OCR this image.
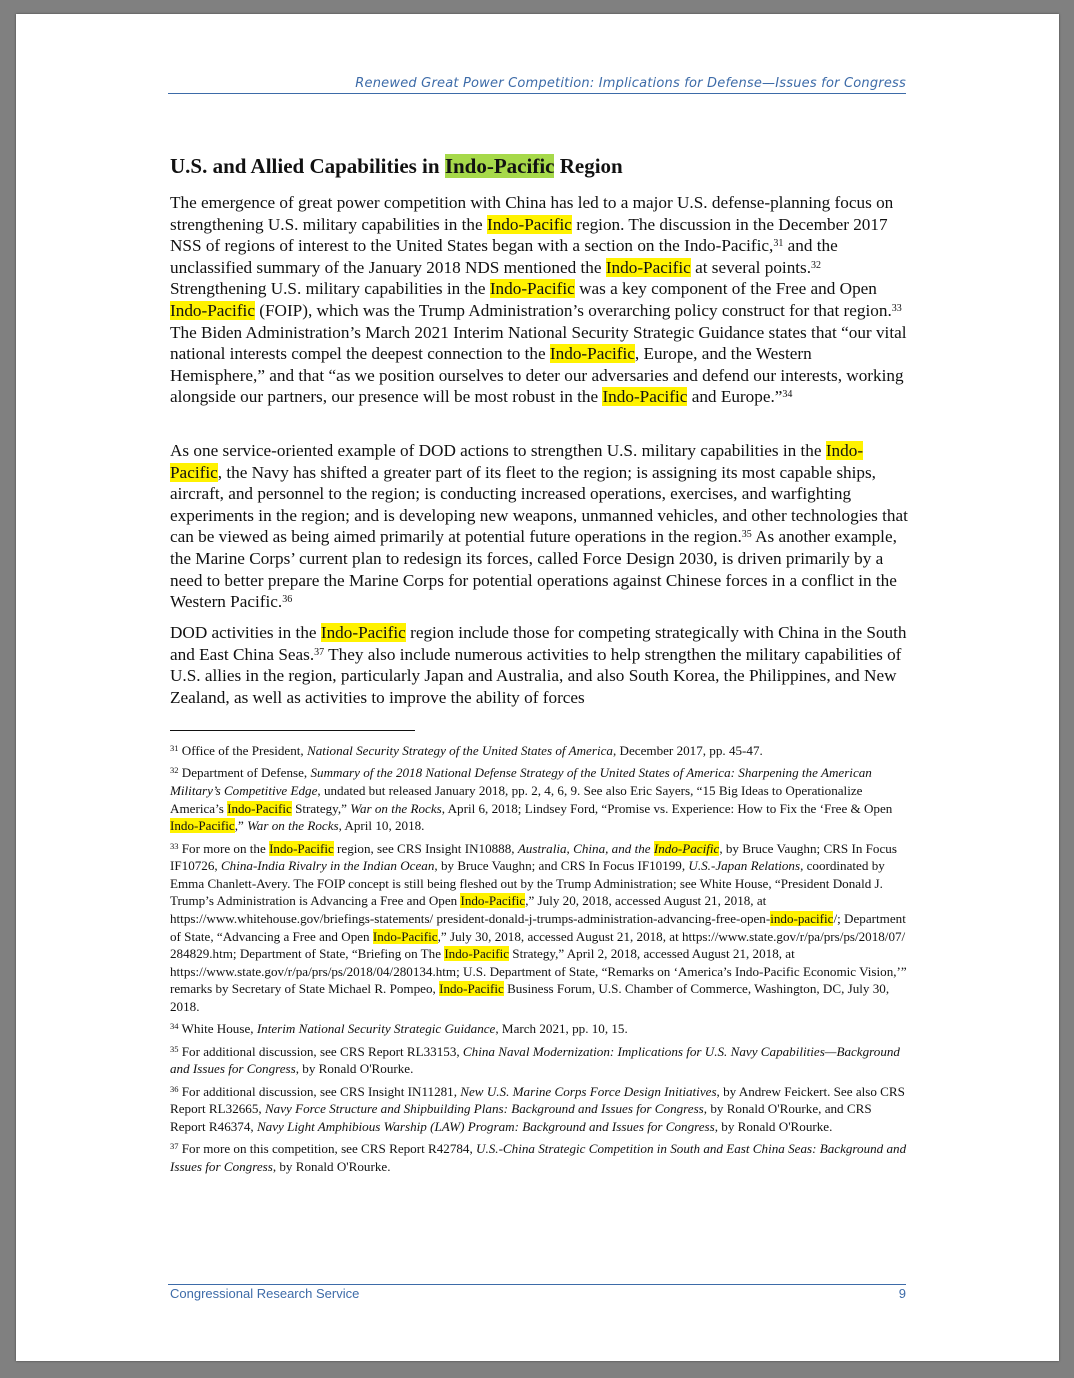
Renewed Great Power Competition: Implications for Defense—Issues for Congress
U.S. and Allied Capabilities in Indo-Pacific Region

The emergence of great power competition with China has led to a major U.S. defense-planning focus on strengthening U.S. military capabilities in the Indo-Pacific region. The discussion in the December 2017 NSS of regions of interest to the United States began with a section on the Indo-Pacific,$^{31}$ and the unclassified summary of the January 2018 NDS mentioned the Indo-Pacific at several points.$^{32}$ Strengthening U.S. military capabilities in the Indo-Pacific was a key component of the Free and Open Indo-Pacific (FOIP), which was the Trump Administration’s overarching policy construct for that region.$^{33}$ The Biden Administration’s March 2021 Interim National Security Strategic Guidance states that “our vital national interests compel the deepest connection to the Indo-Pacific, Europe, and the Western Hemisphere,” and that “as we position ourselves to deter our adversaries and defend our interests, working alongside our partners, our presence will be most robust in the Indo-Pacific and Europe.”$^{34}$

As one service-oriented example of DOD actions to strengthen U.S. military capabilities in the Indo-Pacific, the Navy has shifted a greater part of its fleet to the region; is assigning its most capable ships, aircraft, and personnel to the region; is conducting increased operations, exercises, and warfighting experiments in the region; and is developing new weapons, unmanned vehicles, and other technologies that can be viewed as being aimed primarily at potential future operations in the region.$^{35}$ As another example, the Marine Corps’ current plan to redesign its forces, called Force Design 2030, is driven primarily by a need to better prepare the Marine Corps for potential operations against Chinese forces in a conflict in the Western Pacific.$^{36}$

DOD activities in the Indo-Pacific region include those for competing strategically with China in the South and East China Seas.$^{37}$ They also include numerous activities to help strengthen the military capabilities of U.S. allies in the region, particularly Japan and Australia, and also South Korea, the Philippines, and New Zealand, as well as activities to improve the ability of forces

$^{31}$ Office of the President, National Security Strategy of the United States of America, December 2017, pp. 45-47.

$^{32}$ Department of Defense, Summary of the 2018 National Defense Strategy of the United States of America: Sharpening the American Military’s Competitive Edge, undated but released January 2018, pp. 2, 4, 6, 9. See also Eric Sayers, “15 Big Ideas to Operationalize America’s Indo-Pacific Strategy,” War on the Rocks, April 6, 2018; Lindsey Ford, “Promise vs. Experience: How to Fix the ‘Free & Open Indo-Pacific,” War on the Rocks, April 10, 2018.

$^{33}$ For more on the Indo-Pacific region, see CRS Insight IN10888, Australia, China, and the Indo-Pacific, by Bruce Vaughn; CRS In Focus IF10726, China-India Rivalry in the Indian Ocean, by Bruce Vaughn; and CRS In Focus IF10199, U.S.-Japan Relations, coordinated by Emma Chanlett-Avery. The FOIP concept is still being fleshed out by the Trump Administration; see White House, “President Donald J. Trump’s Administration is Advancing a Free and Open Indo-Pacific,” July 20, 2018, accessed August 21, 2018, at https://www.whitehouse.gov/briefings-statements/ president-donald-j-trumps-administration-advancing-free-open-indo-pacific/; Department of State, “Advancing a Free and Open Indo-Pacific,” July 30, 2018, accessed August 21, 2018, at https://www.state.gov/r/pa/prs/ps/2018/07/ 284829.htm; Department of State, “Briefing on The Indo-Pacific Strategy,” April 2, 2018, accessed August 21, 2018, at https://www.state.gov/r/pa/prs/ps/2018/04/280134.htm; U.S. Department of State, “Remarks on ‘America’s Indo-Pacific Economic Vision,’” remarks by Secretary of State Michael R. Pompeo, Indo-Pacific Business Forum, U.S. Chamber of Commerce, Washington, DC, July 30, 2018.

$^{34}$ White House, Interim National Security Strategic Guidance, March 2021, pp. 10, 15.

$^{35}$ For additional discussion, see CRS Report RL33153, China Naval Modernization: Implications for U.S. Navy Capabilities—Background and Issues for Congress, by Ronald O'Rourke.

$^{36}$ For additional discussion, see CRS Insight IN11281, New U.S. Marine Corps Force Design Initiatives, by Andrew Feickert. See also CRS Report RL32665, Navy Force Structure and Shipbuilding Plans: Background and Issues for Congress, by Ronald O'Rourke, and CRS Report R46374, Navy Light Amphibious Warship (LAW) Program: Background and Issues for Congress, by Ronald O'Rourke.

$^{37}$ For more on this competition, see CRS Report R42784, U.S.-China Strategic Competition in South and East China Seas: Background and Issues for Congress, by Ronald O'Rourke.

Congressional Research Service	9
